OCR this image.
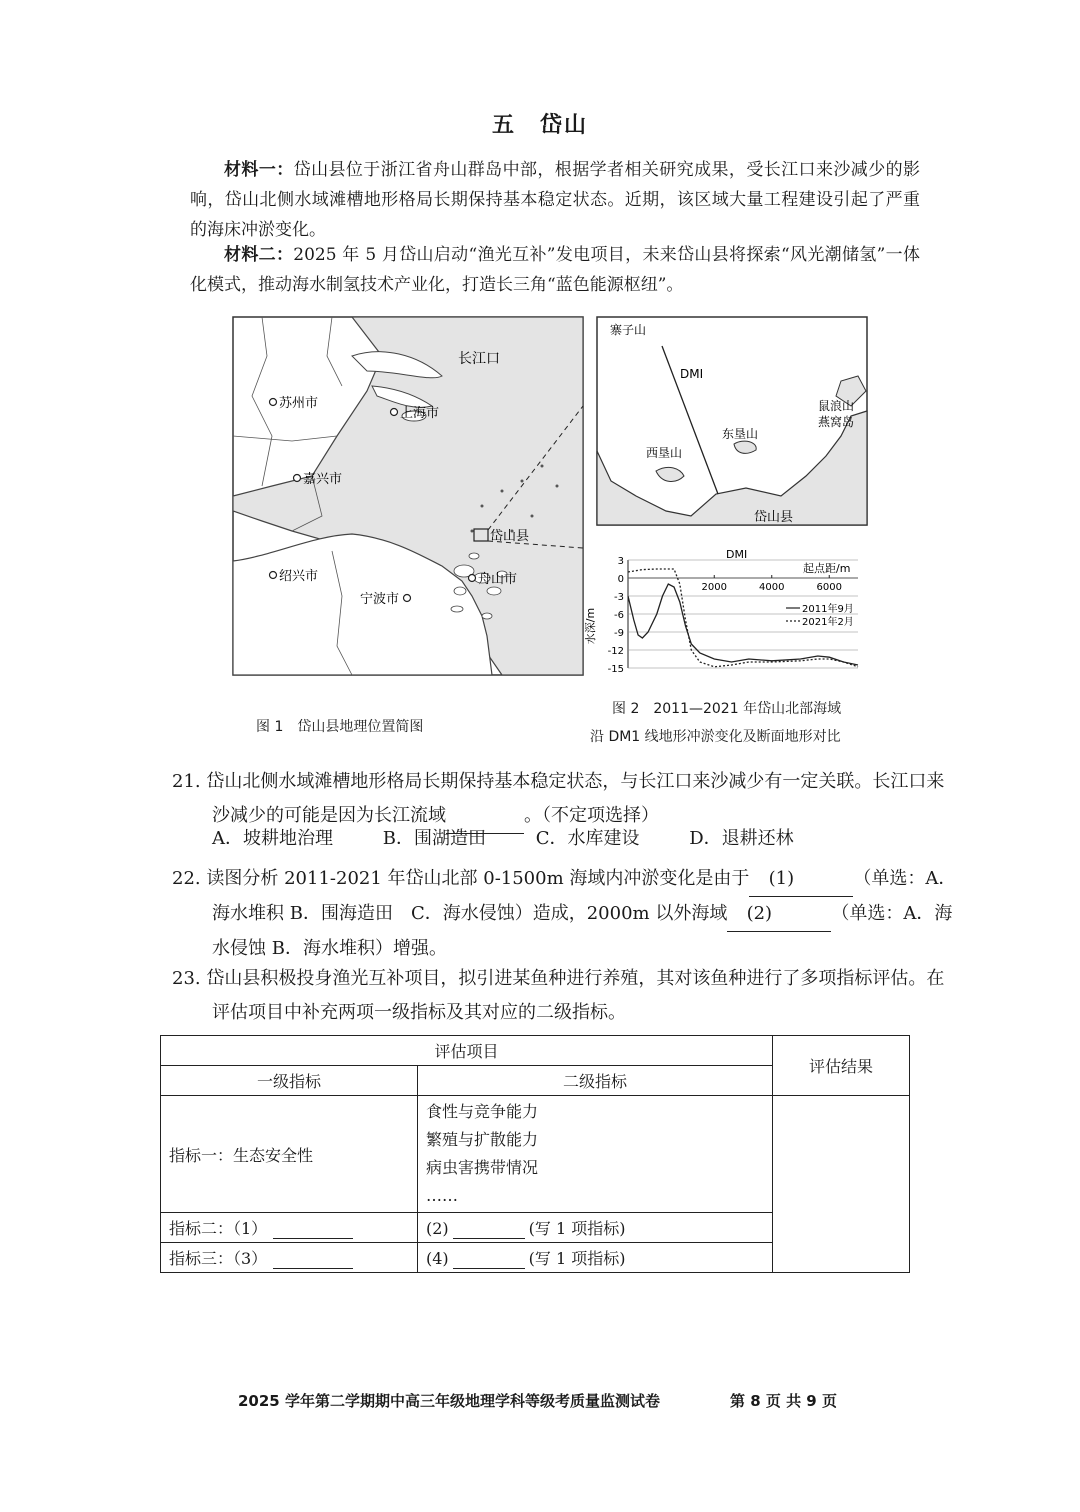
五　岱山
材料一：岱山县位于浙江省舟山群岛中部，根据学者相关研究成果，受长江口来沙减少的影响，岱山北侧水域滩槽地形格局长期保持基本稳定状态。近期，该区域大量工程建设引起了严重的海床冲淤变化。
材料二：2025 年 5 月岱山启动“渔光互补”发电项目，未来岱山县将探索“风光潮储氢”一体化模式，推动海水制氢技术产业化，打造长三角“蓝色能源枢纽”。
长江口
苏州市
上海市
嘉兴市
岱山县
舟山市
绍兴市
宁波市
寨子山
DMI
西垦山
东垦山
鼠浪山
燕窝岛
岱山县
DMI
起点距/m
水深/m
3
0
-3
-6
-9
-12
-15
2000	4000	6000
2011年9月
2021年2月
图 1　岱山县地理位置简图
图 2　2011—2021 年岱山北部海域
沿 DM1 线地形冲淤变化及断面地形对比
21. 岱山北侧水域滩槽地形格局长期保持基本稳定状态，与长江口来沙减少有一定关联。长江口来沙减少的可能是因为长江流域	。（不定项选择）
A．坡耕地治理	B．围湖造田	C．水库建设	D．退耕还林
22. 读图分析 2011-2021 年岱山北部 0-1500m 海域内冲淤变化是由于 (1)	（单选：A．海水堆积 B．围海造田　C．海水侵蚀）造成，2000m 以外海域 (2)	（单选：A．海水侵蚀 B．海水堆积）增强。
23. 岱山县积极投身渔光互补项目，拟引进某鱼种进行养殖，其对该鱼种进行了多项指标评估。在评估项目中补充两项一级指标及其对应的二级指标。
评估项目		评估结果
一级指标	二级指标	
指标一：生态安全性	食性与竞争能力
繁殖与扩散能力
病虫害携带情况
……	

指标二：（1）	(2) (写 1 项指标)	
指标三：（3）	(4) (写 1 项指标)	
2025 学年第二学期期中高三年级地理学科等级考质量监测试卷	第 8 页 共 9 页
